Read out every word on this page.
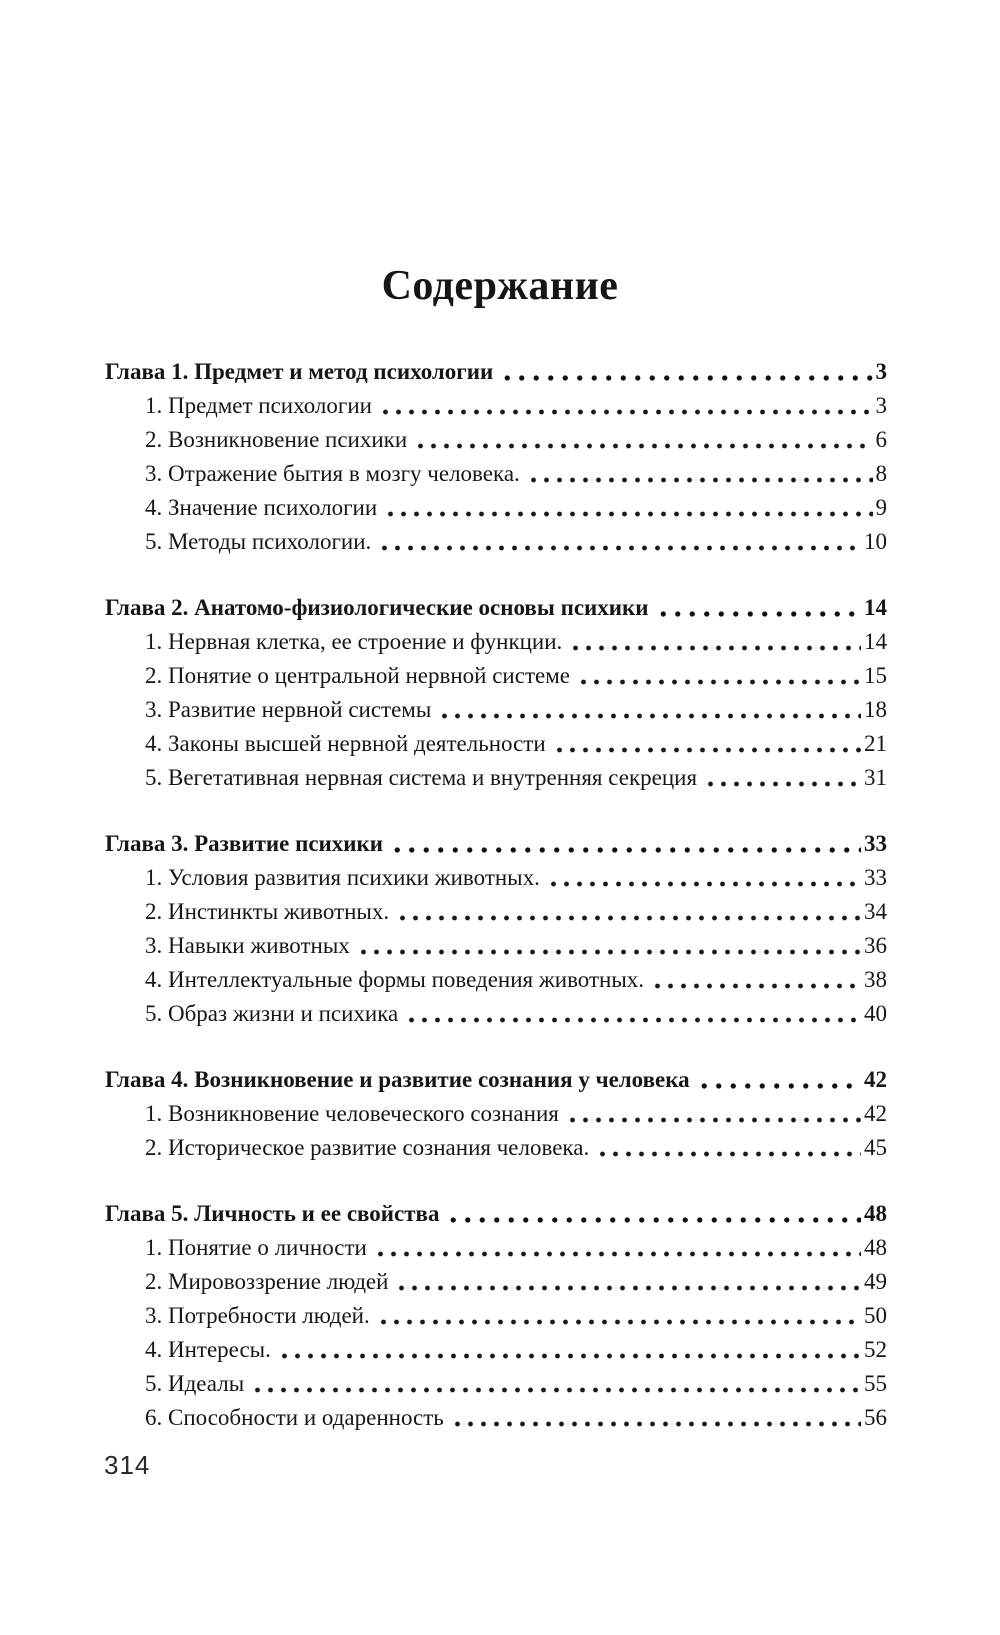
Содержание
Глава 1. Предмет и метод психологии	3
1. Предмет психологии	3
2. Возникновение психики	6
3. Отражение бытия в мозгу человека.	8
4. Значение психологии	9
5. Методы психологии.	10
Глава 2. Анатомо-физиологические основы психики	14
1. Нервная клетка, ее строение и функции.	14
2. Понятие о центральной нервной системе	15
3. Развитие нервной системы	18
4. Законы высшей нервной деятельности	21
5. Вегетативная нервная система и внутренняя секреция	31
Глава 3. Развитие психики	33
1. Условия развития психики животных.	33
2. Инстинкты животных.	34
3. Навыки животных	36
4. Интеллектуальные формы поведения животных.	38
5. Образ жизни и психика	40
Глава 4. Возникновение и развитие сознания у человека	42
1. Возникновение человеческого сознания	42
2. Историческое развитие сознания человека.	45
Глава 5. Личность и ее свойства	48
1. Понятие о личности	48
2. Мировоззрение людей	49
3. Потребности людей.	50
4. Интересы.	52
5. Идеалы	55
6. Способности и одаренность	56
314
